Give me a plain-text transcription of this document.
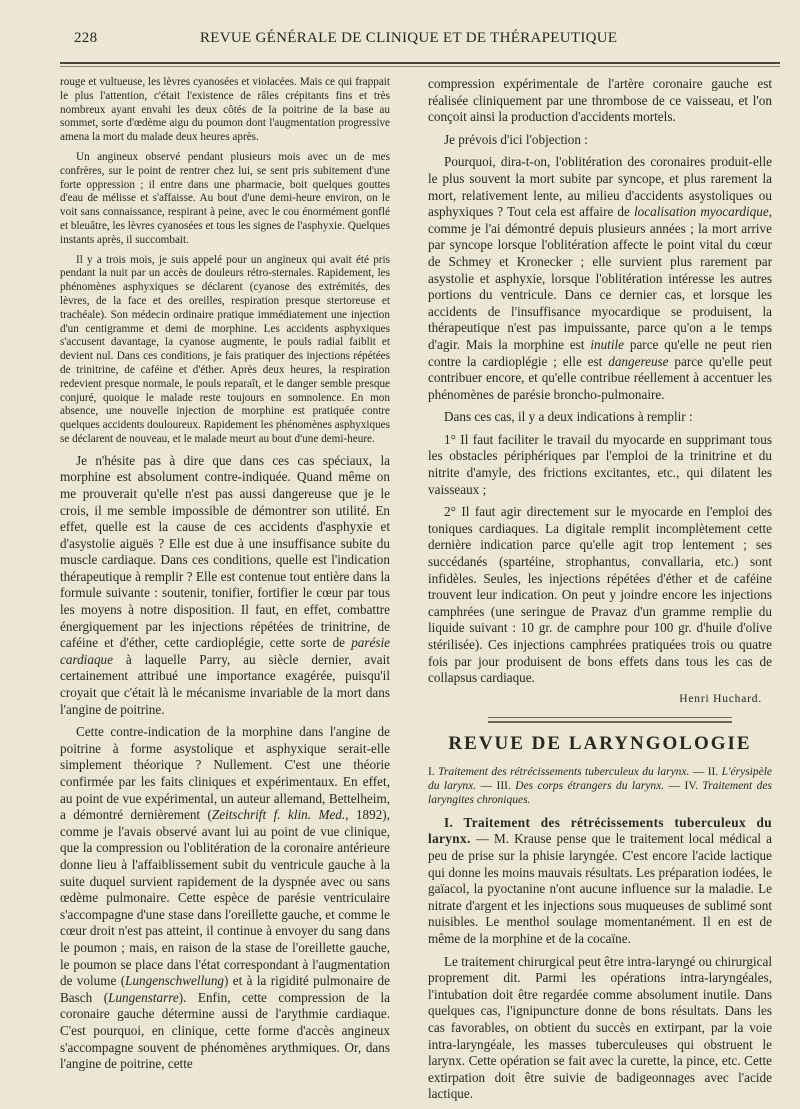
228	REVUE GÉNÉRALE DE CLINIQUE ET DE THÉRAPEUTIQUE

rouge et vultueuse, les lèvres cyanosées et violacées. Mais ce qui frappait le plus l'attention, c'était l'existence de râles crépitants fins et très nombreux ayant envahi les deux côtés de la poitrine de la base au sommet, sorte d'œdème aigu du poumon dont l'augmentation progressive amena la mort du malade deux heures après.

Un angineux observé pendant plusieurs mois avec un de mes confrères, sur le point de rentrer chez lui, se sent pris subitement d'une forte oppression ; il entre dans une pharmacie, boit quelques gouttes d'eau de mélisse et s'affaisse. Au bout d'une demi-heure environ, on le voit sans connaissance, respirant à peine, avec le cou énormément gonflé et bleuâtre, les lèvres cyanosées et tous les signes de l'asphyxie. Quelques instants après, il succombait.

Il y a trois mois, je suis appelé pour un angineux qui avait été pris pendant la nuit par un accès de douleurs rétro-sternales. Rapidement, les phénomènes asphyxiques se déclarent (cyanose des extrémités, des lèvres, de la face et des oreilles, respiration presque stertoreuse et trachéale). Son médecin ordinaire pratique immédiatement une injection d'un centigramme et demi de morphine. Les accidents asphyxiques s'accusent davantage, la cyanose augmente, le pouls radial faiblit et devient nul. Dans ces conditions, je fais pratiquer des injections répétées de trinitrine, de caféine et d'éther. Après deux heures, la respiration redevient presque normale, le pouls reparaît, et le danger semble presque conjuré, quoique le malade reste toujours en somnolence. En mon absence, une nouvelle injection de morphine est pratiquée contre quelques accidents douloureux. Rapidement les phénomènes asphyxiques se déclarent de nouveau, et le malade meurt au bout d'une demi-heure.

Je n'hésite pas à dire que dans ces cas spéciaux, la morphine est absolument contre-indiquée. Quand même on me prouverait qu'elle n'est pas aussi dangereuse que je le crois, il me semble impossible de démontrer son utilité. En effet, quelle est la cause de ces accidents d'asphyxie et d'asystolie aiguës ? Elle est due à une insuffisance subite du muscle cardiaque. Dans ces conditions, quelle est l'indication thérapeutique à remplir ? Elle est contenue tout entière dans la formule suivante : soutenir, tonifier, fortifier le cœur par tous les moyens à notre disposition. Il faut, en effet, combattre énergiquement par les injections répétées de trinitrine, de caféine et d'éther, cette cardioplégie, cette sorte de parésie cardiaque à laquelle Parry, au siècle dernier, avait certainement attribué une importance exagérée, puisqu'il croyait que c'était là le mécanisme invariable de la mort dans l'angine de poitrine.

Cette contre-indication de la morphine dans l'angine de poitrine à forme asystolique et asphyxique serait-elle simplement théorique ? Nullement. C'est une théorie confirmée par les faits cliniques et expérimentaux. En effet, au point de vue expérimental, un auteur allemand, Bettelheim, a démontré dernièrement (Zeitschrift f. klin. Med., 1892), comme je l'avais observé avant lui au point de vue clinique, que la compression ou l'oblitération de la coronaire antérieure donne lieu à l'affaiblissement subit du ventricule gauche à la suite duquel survient rapidement de la dyspnée avec ou sans œdème pulmonaire. Cette espèce de parésie ventriculaire s'accompagne d'une stase dans l'oreillette gauche, et comme le cœur droit n'est pas atteint, il continue à envoyer du sang dans le poumon ; mais, en raison de la stase de l'oreillette gauche, le poumon se place dans l'état correspondant à l'augmentation de volume (Lungenschwellung) et à la rigidité pulmonaire de Basch (Lungenstarre). Enfin, cette compression de la coronaire gauche détermine aussi de l'arythmie cardiaque. C'est pourquoi, en clinique, cette forme d'accès angineux s'accompagne souvent de phénomènes arythmiques. Or, dans l'angine de poitrine, cette

compression expérimentale de l'artère coronaire gauche est réalisée cliniquement par une thrombose de ce vaisseau, et l'on conçoit ainsi la production d'accidents mortels.

Je prévois d'ici l'objection :

Pourquoi, dira-t-on, l'oblitération des coronaires produit-elle le plus souvent la mort subite par syncope, et plus rarement la mort, relativement lente, au milieu d'accidents asystoliques ou asphyxiques ? Tout cela est affaire de localisation myocardique, comme je l'ai démontré depuis plusieurs années ; la mort arrive par syncope lorsque l'oblitération affecte le point vital du cœur de Schmey et Kronecker ; elle survient plus rarement par asystolie et asphyxie, lorsque l'oblitération intéresse les autres portions du ventricule. Dans ce dernier cas, et lorsque les accidents de l'insuffisance myocardique se produisent, la thérapeutique n'est pas impuissante, parce qu'on a le temps d'agir. Mais la morphine est inutile parce qu'elle ne peut rien contre la cardioplégie ; elle est dangereuse parce qu'elle peut contribuer encore, et qu'elle contribue réellement à accentuer les phénomènes de parésie broncho-pulmonaire.

Dans ces cas, il y a deux indications à remplir :

1° Il faut faciliter le travail du myocarde en supprimant tous les obstacles périphériques par l'emploi de la trinitrine et du nitrite d'amyle, des frictions excitantes, etc., qui dilatent les vaisseaux ;

2° Il faut agir directement sur le myocarde en l'emploi des toniques cardiaques. La digitale remplit incomplètement cette dernière indication parce qu'elle agit trop lentement ; ses succédanés (spartéine, strophantus, convallaria, etc.) sont infidèles. Seules, les injections répétées d'éther et de caféine trouvent leur indication. On peut y joindre encore les injections camphrées (une seringue de Pravaz d'un gramme remplie du liquide suivant : 10 gr. de camphre pour 100 gr. d'huile d'olive stérilisée). Ces injections camphrées pratiquées trois ou quatre fois par jour produisent de bons effets dans tous les cas de collapsus cardiaque.

Henri Huchard.
REVUE DE LARYNGOLOGIE

I. Traitement des rétrécissements tuberculeux du larynx. — II. L'érysipèle du larynx. — III. Des corps étrangers du larynx. — IV. Traitement des laryngites chroniques.

I. Traitement des rétrécissements tuberculeux du larynx. — M. Krause pense que le traitement local médical a peu de prise sur la phisie laryngée. C'est encore l'acide lactique qui donne les moins mauvais résultats. Les préparation iodées, le gaïacol, la pyoctanine n'ont aucune influence sur la maladie. Le nitrate d'argent et les injections sous muqueuses de sublimé sont nuisibles. Le menthol soulage momentanément. Il en est de même de la morphine et de la cocaïne.

Le traitement chirurgical peut être intra-laryngé ou chirurgical proprement dit. Parmi les opérations intra-laryngéales, l'intubation doit être regardée comme absolument inutile. Dans quelques cas, l'ignipuncture donne de bons résultats. Dans les cas favorables, on obtient du succès en extirpant, par la voie intra-laryngéale, les masses tuberculeuses qui obstruent le larynx. Cette opération se fait avec la curette, la pince, etc. Cette extirpation doit être suivie de badigeonnages avec l'acide lactique.
